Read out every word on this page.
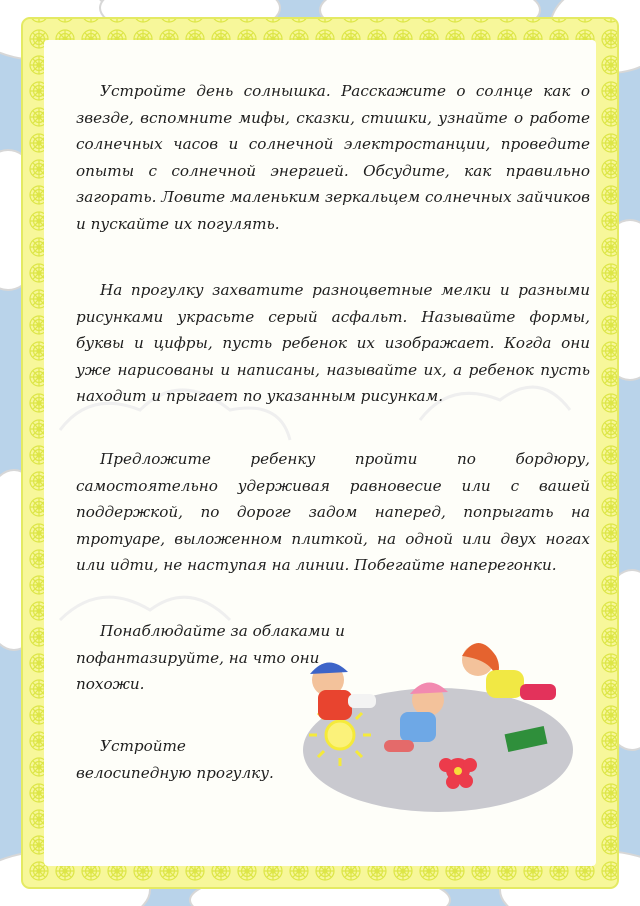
Устройте день солнышка. Расскажите о солнце как о звезде, вспомните мифы, сказки, стишки, узнайте о работе солнечных часов и солнечной электростанции, проведите опыты с солнечной энергией. Обсудите, как правильно загорать. Ловите маленьким зеркальцем солнечных зайчиков и пускайте их погулять.

На прогулку захватите разноцветные мелки и разными рисунками украсьте серый асфальт. Называйте формы, буквы и цифры, пусть ребенок их изображает. Когда они уже нарисованы и написаны, называйте их, а ребенок пусть находит и прыгает по указанным рисункам.

Предложите ребенку пройти по бордюру, самостоятельно удерживая равновесие или с вашей поддержкой, по дороге задом наперед, попрыгать на тротуаре, выложенном плиткой, на одной или двух ногах или идти, не наступая на линии. Побегайте наперегонки.

Понаблюдайте за облаками и пофантазируйте, на что они похожи.

Устройте велосипедную прогулку.
